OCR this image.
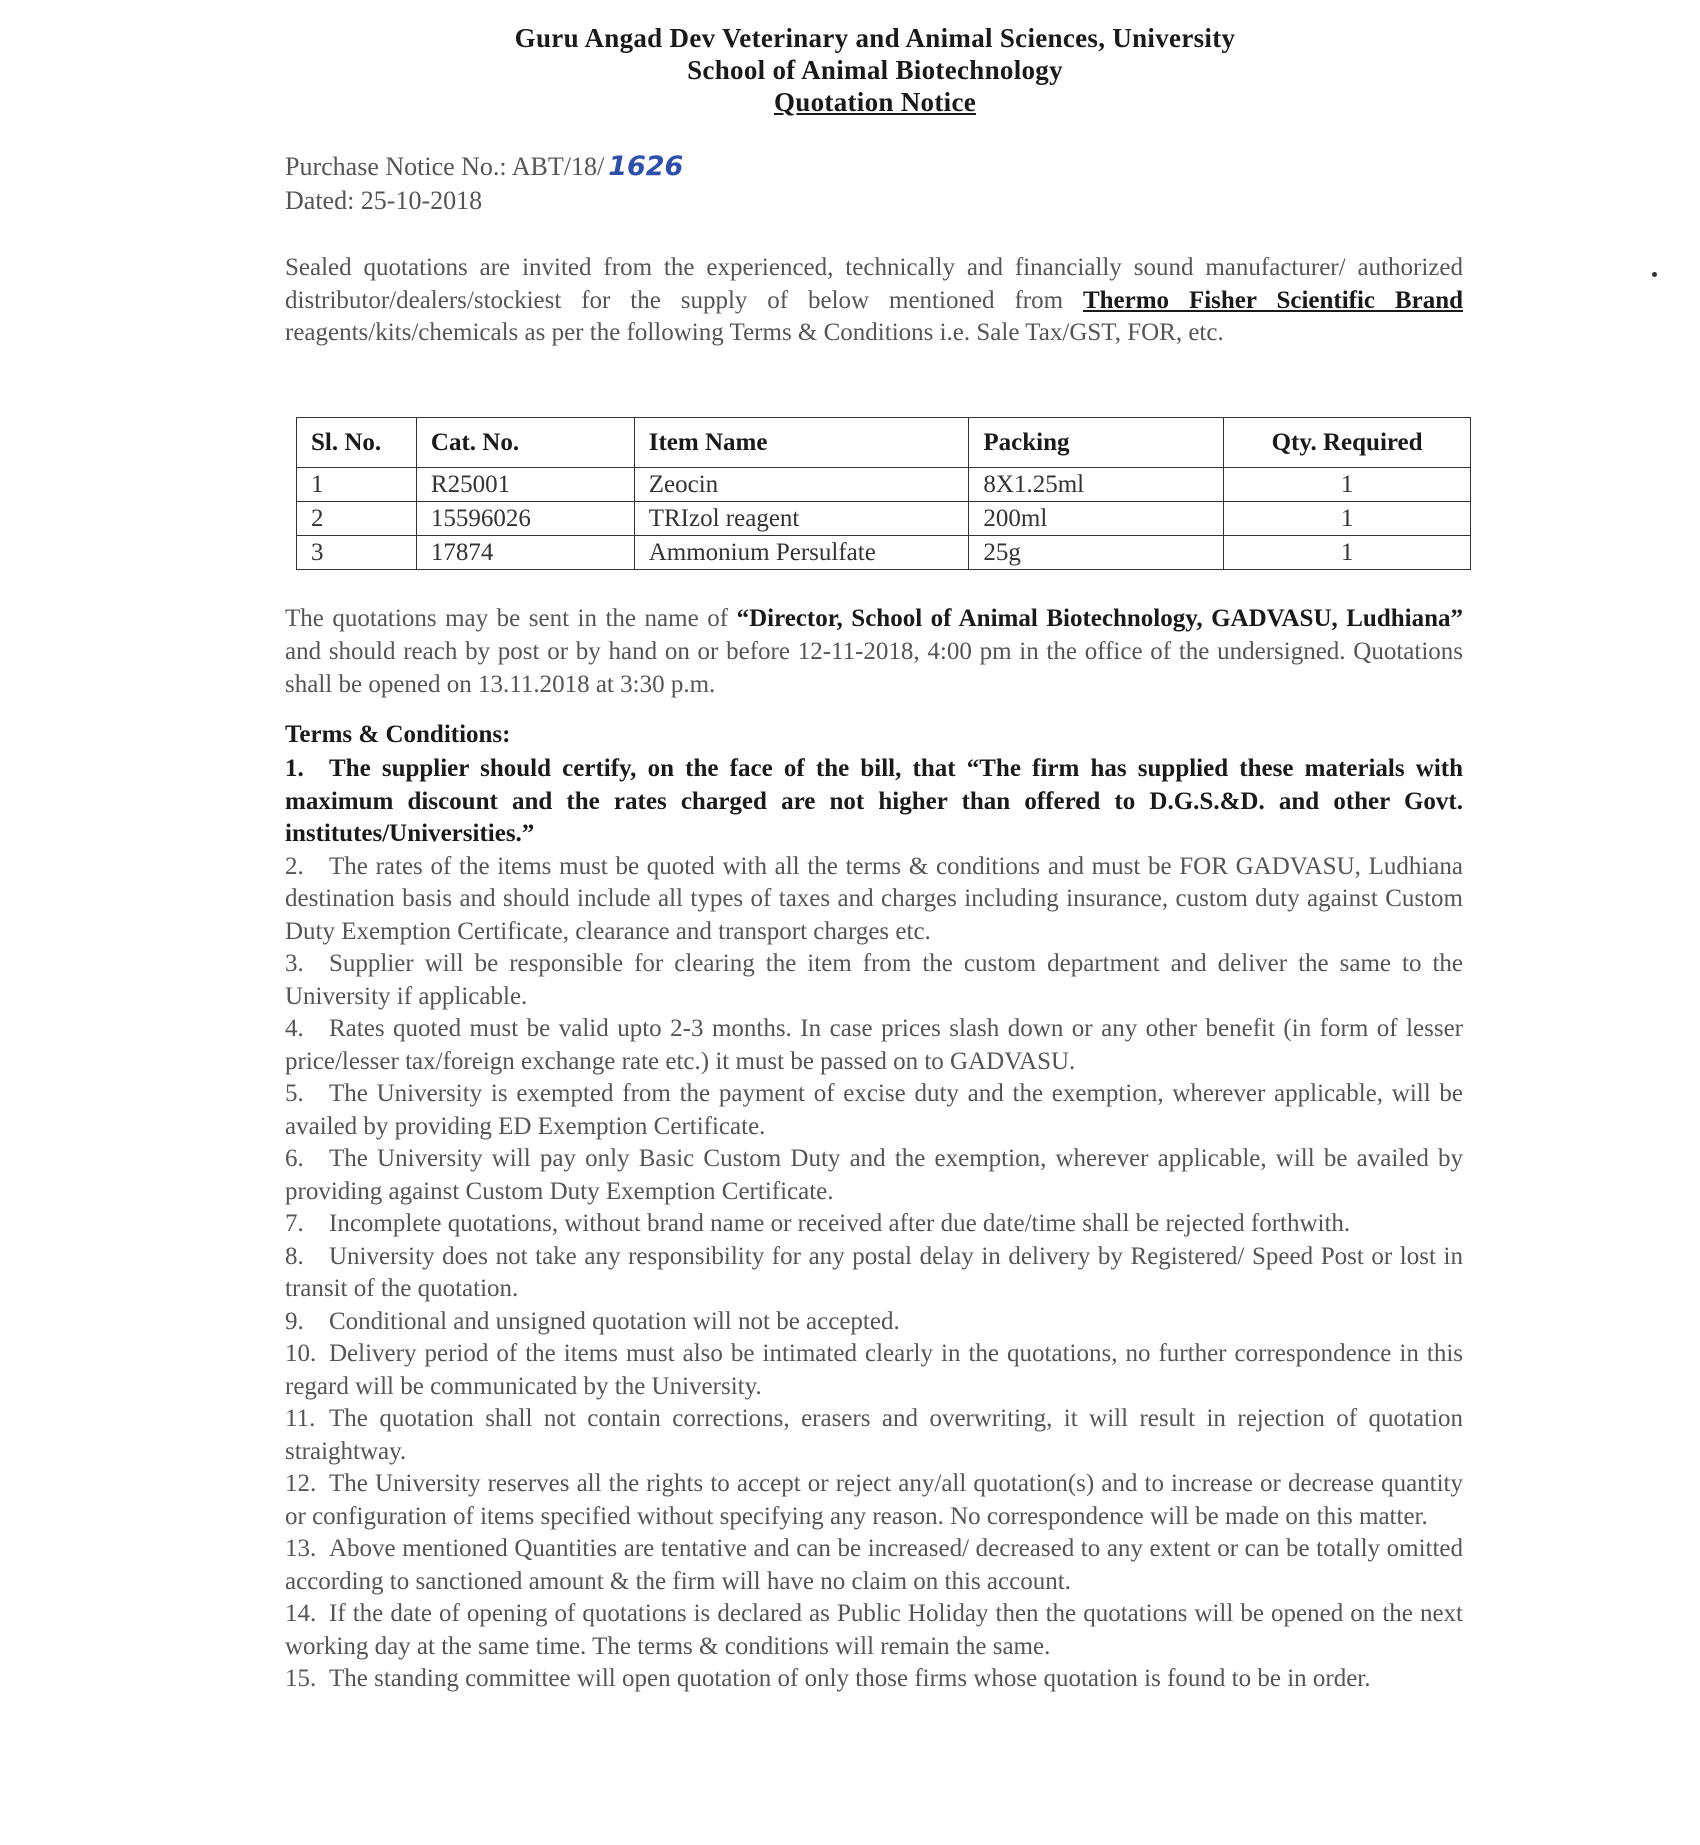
Guru Angad Dev Veterinary and Animal Sciences, University
School of Animal Biotechnology
Quotation Notice
Purchase Notice No.: ABT/18/ 1626
Dated: 25-10-2018
Sealed quotations are invited from the experienced, technically and financially sound manufacturer/ authorized distributor/dealers/stockiest for the supply of below mentioned from Thermo Fisher Scientific Brand reagents/kits/chemicals as per the following Terms & Conditions i.e. Sale Tax/GST, FOR, etc.
Sl. No.	Cat. No.	Item Name	Packing	Qty. Required
1	R25001	Zeocin	8X1.25ml	1
2	15596026	TRIzol reagent	200ml	1
3	17874	Ammonium Persulfate	25g	1
The quotations may be sent in the name of “Director, School of Animal Biotechnology, GADVASU, Ludhiana” and should reach by post or by hand on or before 12-11-2018, 4:00 pm in the office of the undersigned. Quotations shall be opened on 13.11.2018 at 3:30 p.m.
Terms & Conditions:

1. The supplier should certify, on the face of the bill, that “The firm has supplied these materials with maximum discount and the rates charged are not higher than offered to D.G.S.&D. and other Govt. institutes/Universities.”

2. The rates of the items must be quoted with all the terms & conditions and must be FOR GADVASU, Ludhiana destination basis and should include all types of taxes and charges including insurance, custom duty against Custom Duty Exemption Certificate, clearance and transport charges etc.

3. Supplier will be responsible for clearing the item from the custom department and deliver the same to the University if applicable.

4. Rates quoted must be valid upto 2-3 months. In case prices slash down or any other benefit (in form of lesser price/lesser tax/foreign exchange rate etc.) it must be passed on to GADVASU.

5. The University is exempted from the payment of excise duty and the exemption, wherever applicable, will be availed by providing ED Exemption Certificate.

6. The University will pay only Basic Custom Duty and the exemption, wherever applicable, will be availed by providing against Custom Duty Exemption Certificate.

7. Incomplete quotations, without brand name or received after due date/time shall be rejected forthwith.

8. University does not take any responsibility for any postal delay in delivery by Registered/ Speed Post or lost in transit of the quotation.

9. Conditional and unsigned quotation will not be accepted.

10. Delivery period of the items must also be intimated clearly in the quotations, no further correspondence in this regard will be communicated by the University.

11. The quotation shall not contain corrections, erasers and overwriting, it will result in rejection of quotation straightway.

12. The University reserves all the rights to accept or reject any/all quotation(s) and to increase or decrease quantity or configuration of items specified without specifying any reason. No correspondence will be made on this matter.

13. Above mentioned Quantities are tentative and can be increased/ decreased to any extent or can be totally omitted according to sanctioned amount & the firm will have no claim on this account.

14. If the date of opening of quotations is declared as Public Holiday then the quotations will be opened on the next working day at the same time. The terms & conditions will remain the same.

15. The standing committee will open quotation of only those firms whose quotation is found to be in order.
